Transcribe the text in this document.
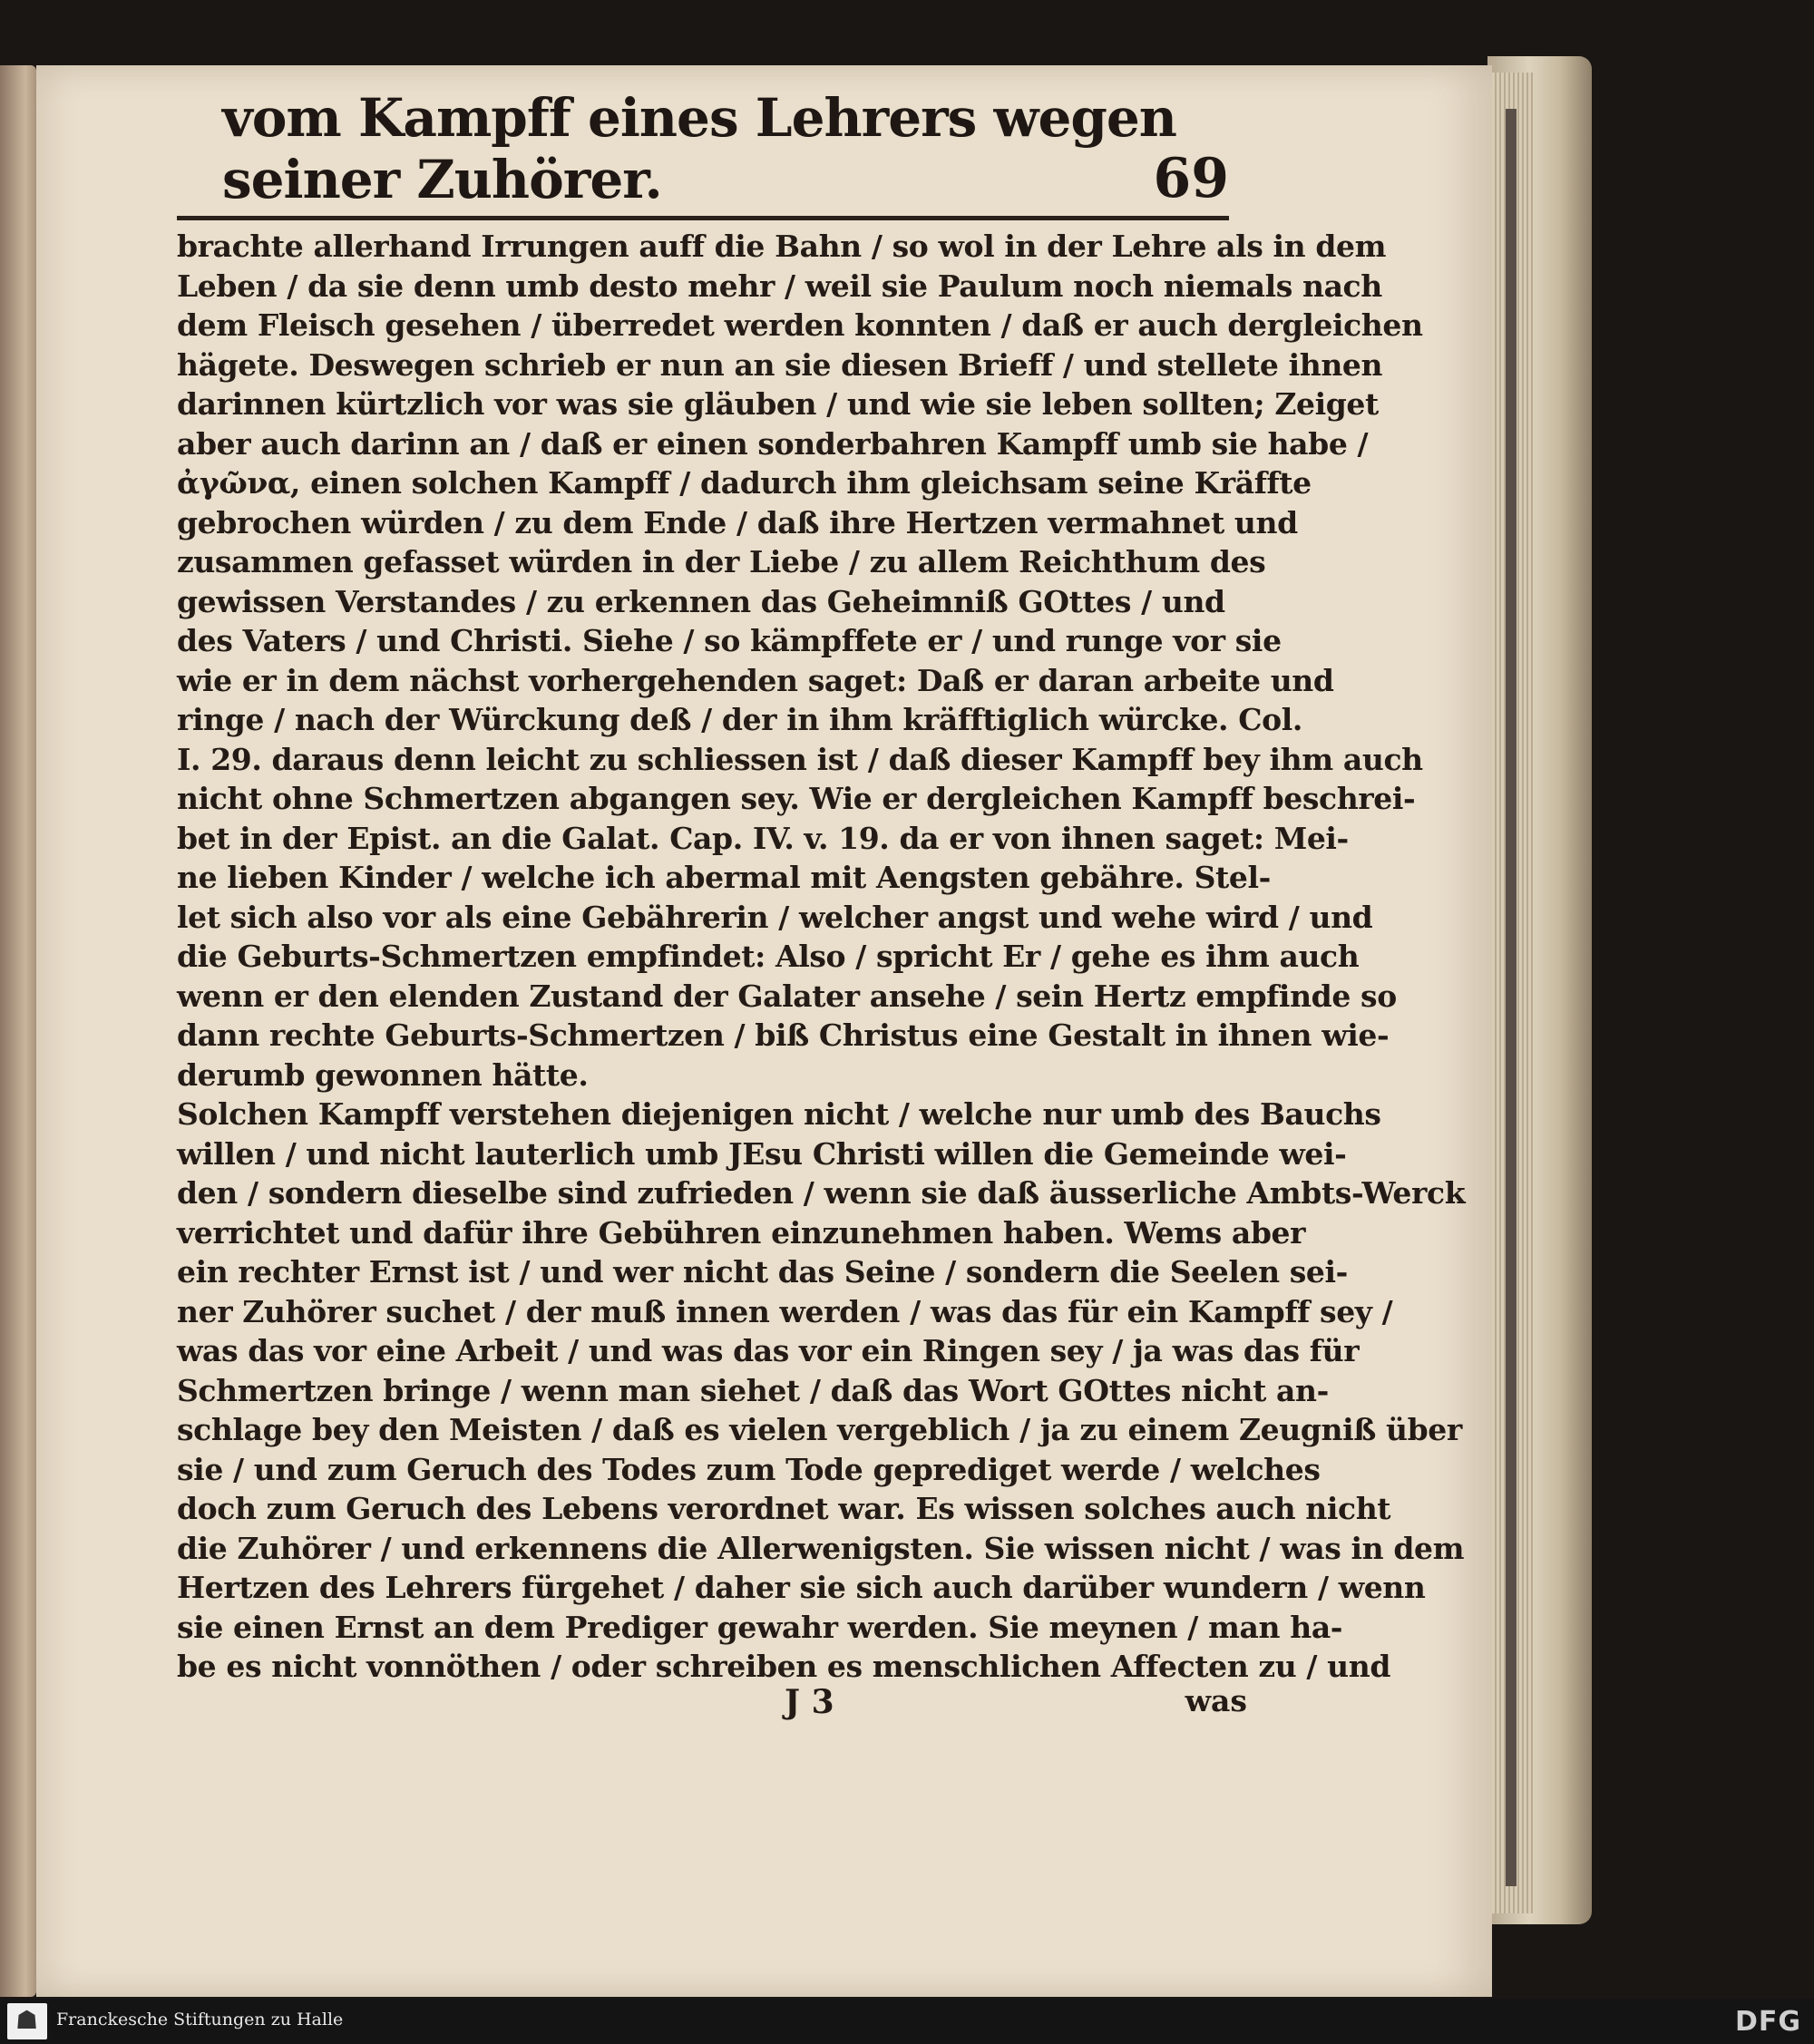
vom Kampff eines Lehrers wegen seiner Zuhörer.	69
brachte allerhand Irrungen auff die Bahn / so wol in der Lehre als in dem
Leben / da sie denn umb desto mehr / weil sie Paulum noch niemals nach
dem Fleisch gesehen / überredet werden konnten / daß er auch dergleichen
hägete. Deswegen schrieb er nun an sie diesen Brieff / und stellete ihnen
darinnen kürtzlich vor was sie gläuben / und wie sie leben sollten; Zeiget
aber auch darinn an / daß er einen sonderbahren Kampff umb sie habe /
ἀγῶνα, einen solchen Kampff / dadurch ihm gleichsam seine Kräffte
gebrochen würden / zu dem Ende / daß ihre Hertzen vermahnet und
zusammen gefasset würden in der Liebe / zu allem Reichthum des
gewissen Verstandes / zu erkennen das Geheimniß GOttes / und
des Vaters / und Christi. Siehe / so kämpffete er / und runge vor sie
wie er in dem nächst vorhergehenden saget: Daß er daran arbeite und
ringe / nach der Würckung deß / der in ihm kräfftiglich würcke. Col.
I. 29. daraus denn leicht zu schliessen ist / daß dieser Kampff bey ihm auch
nicht ohne Schmertzen abgangen sey. Wie er dergleichen Kampff beschrei-
bet in der Epist. an die Galat. Cap. IV. v. 19. da er von ihnen saget: Mei-
ne lieben Kinder / welche ich abermal mit Aengsten gebähre. Stel-
let sich also vor als eine Gebährerin / welcher angst und wehe wird / und
die Geburts-Schmertzen empfindet: Also / spricht Er / gehe es ihm auch
wenn er den elenden Zustand der Galater ansehe / sein Hertz empfinde so
dann rechte Geburts-Schmertzen / biß Christus eine Gestalt in ihnen wie-
derumb gewonnen hätte.
Solchen Kampff verstehen diejenigen nicht / welche nur umb des Bauchs
willen / und nicht lauterlich umb JEsu Christi willen die Gemeinde wei-
den / sondern dieselbe sind zufrieden / wenn sie daß äusserliche Ambts-Werck
verrichtet und dafür ihre Gebühren einzunehmen haben. Wems aber
ein rechter Ernst ist / und wer nicht das Seine / sondern die Seelen sei-
ner Zuhörer suchet / der muß innen werden / was das für ein Kampff sey /
was das vor eine Arbeit / und was das vor ein Ringen sey / ja was das für
Schmertzen bringe / wenn man siehet / daß das Wort GOttes nicht an-
schlage bey den Meisten / daß es vielen vergeblich / ja zu einem Zeugniß über
sie / und zum Geruch des Todes zum Tode geprediget werde / welches
doch zum Geruch des Lebens verordnet war. Es wissen solches auch nicht
die Zuhörer / und erkennens die Allerwenigsten. Sie wissen nicht / was in dem
Hertzen des Lehrers fürgehet / daher sie sich auch darüber wundern / wenn
sie einen Ernst an dem Prediger gewahr werden. Sie meynen / man ha-
be es nicht vonnöthen / oder schreiben es menschlichen Affecten zu / und
J 3	was
Franckesche Stiftungen zu Halle	DFG
